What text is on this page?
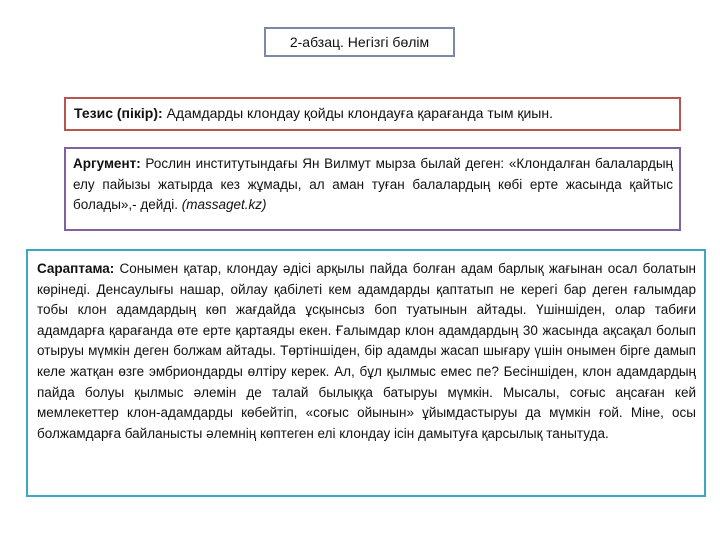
2-абзац. Негізгі бөлім
Тезис (пікір): Адамдарды клондау қойды клондауға қарағанда тым қиын.
Аргумент: Рослин институтындағы Ян Вилмут мырза былай деген: «Клондалған балалардың елу пайызы жатырда кез жұмады, ал аман туған балалардың көбі ерте жасында қайтыс болады»,- дейді. (massaget.kz)
Сараптама: Сонымен қатар, клондау әдісі арқылы пайда болған адам барлық жағынан осал болатын көрінеді. Денсаулығы нашар, ойлау қабілеті кем адамдарды қаптатып не керегі бар деген ғалымдар тобы клон адамдардың көп жағдайда ұсқынсыз боп туатынын айтады. Үшіншіден, олар табиғи адамдарға қарағанда өте ерте қартаяды екен. Ғалымдар клон адамдардың 30 жасында ақсақал болып отыруы мүмкін деген болжам айтады. Төртіншіден, бір адамды жасап шығару үшін онымен бірге дамып келе жатқан өзге эмбриондарды өлтіру керек. Ал, бұл қылмыс емес пе? Бесіншіден, клон адамдардың пайда болуы қылмыс әлемін де талай былыққа батыруы мүмкін. Мысалы, соғыс аңсаған кей мемлекеттер клон-адамдарды көбейтіп, «соғыс ойынын» ұйымдастыруы да мүмкін ғой. Міне, осы болжамдарға байланысты әлемнің көптеген елі клондау ісін дамытуға қарсылық танытуда.
